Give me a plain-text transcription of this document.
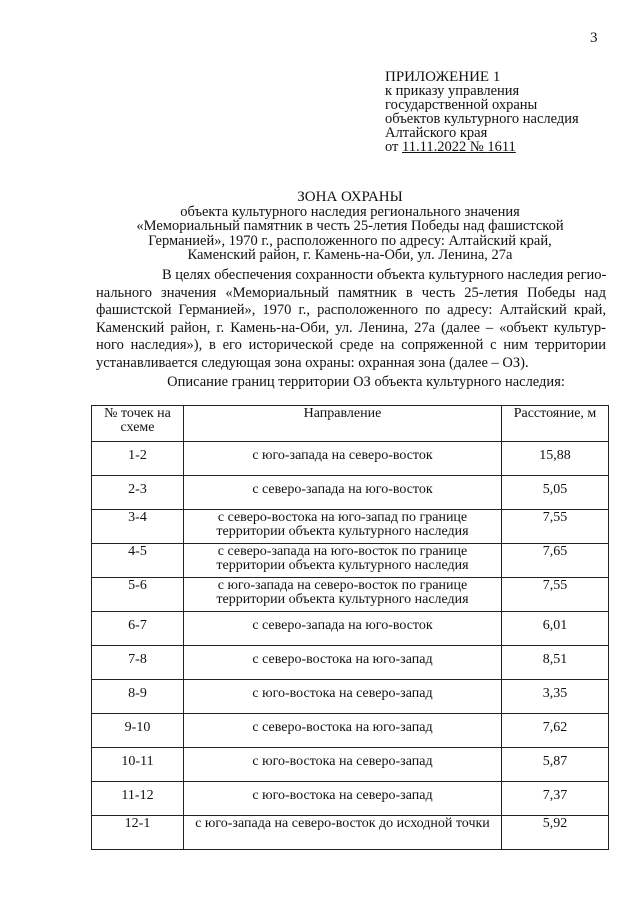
3
ПРИЛОЖЕНИЕ 1
к приказу управления
государственной охраны
объектов культурного наследия
Алтайского края
от 11.11.2022 № 1611
ЗОНА ОХРАНЫ
объекта культурного наследия регионального значения
«Мемориальный памятник в честь 25-летия Победы над фашистской
Германией», 1970 г., расположенного по адресу: Алтайский край,
Каменский район, г. Камень-на-Оби, ул. Ленина, 27а
В целях обеспечения сохранности объекта культурного наследия регио-
нального значения «Мемориальный памятник в честь 25-летия Победы над
фашистской Германией», 1970 г., расположенного по адресу: Алтайский край,
Каменский район, г. Камень-на-Оби, ул. Ленина, 27а (далее – «объект культур-
ного наследия»), в его исторической среде на сопряженной с ним территории
устанавливается следующая зона охраны: охранная зона (далее – ОЗ).
Описание границ территории ОЗ объекта культурного наследия:
№ точек на схеме	Направление	Расстояние, м
1-2	с юго-запада на северо-восток	15,88
2-3	с северо-запада на юго-восток	5,05
3-4	с северо-востока на юго-запад по границе территории объекта культурного наследия	7,55
4-5	с северо-запада на юго-восток по границе территории объекта культурного наследия	7,65
5-6	с юго-запада на северо-восток по границе территории объекта культурного наследия	7,55
6-7	с северо-запада на юго-восток	6,01
7-8	с северо-востока на юго-запад	8,51
8-9	с юго-востока на северо-запад	3,35
9-10	с северо-востока на юго-запад	7,62
10-11	с юго-востока на северо-запад	5,87
11-12	с юго-востока на северо-запад	7,37
12-1	с юго-запада на северо-восток до исходной точки	5,92
